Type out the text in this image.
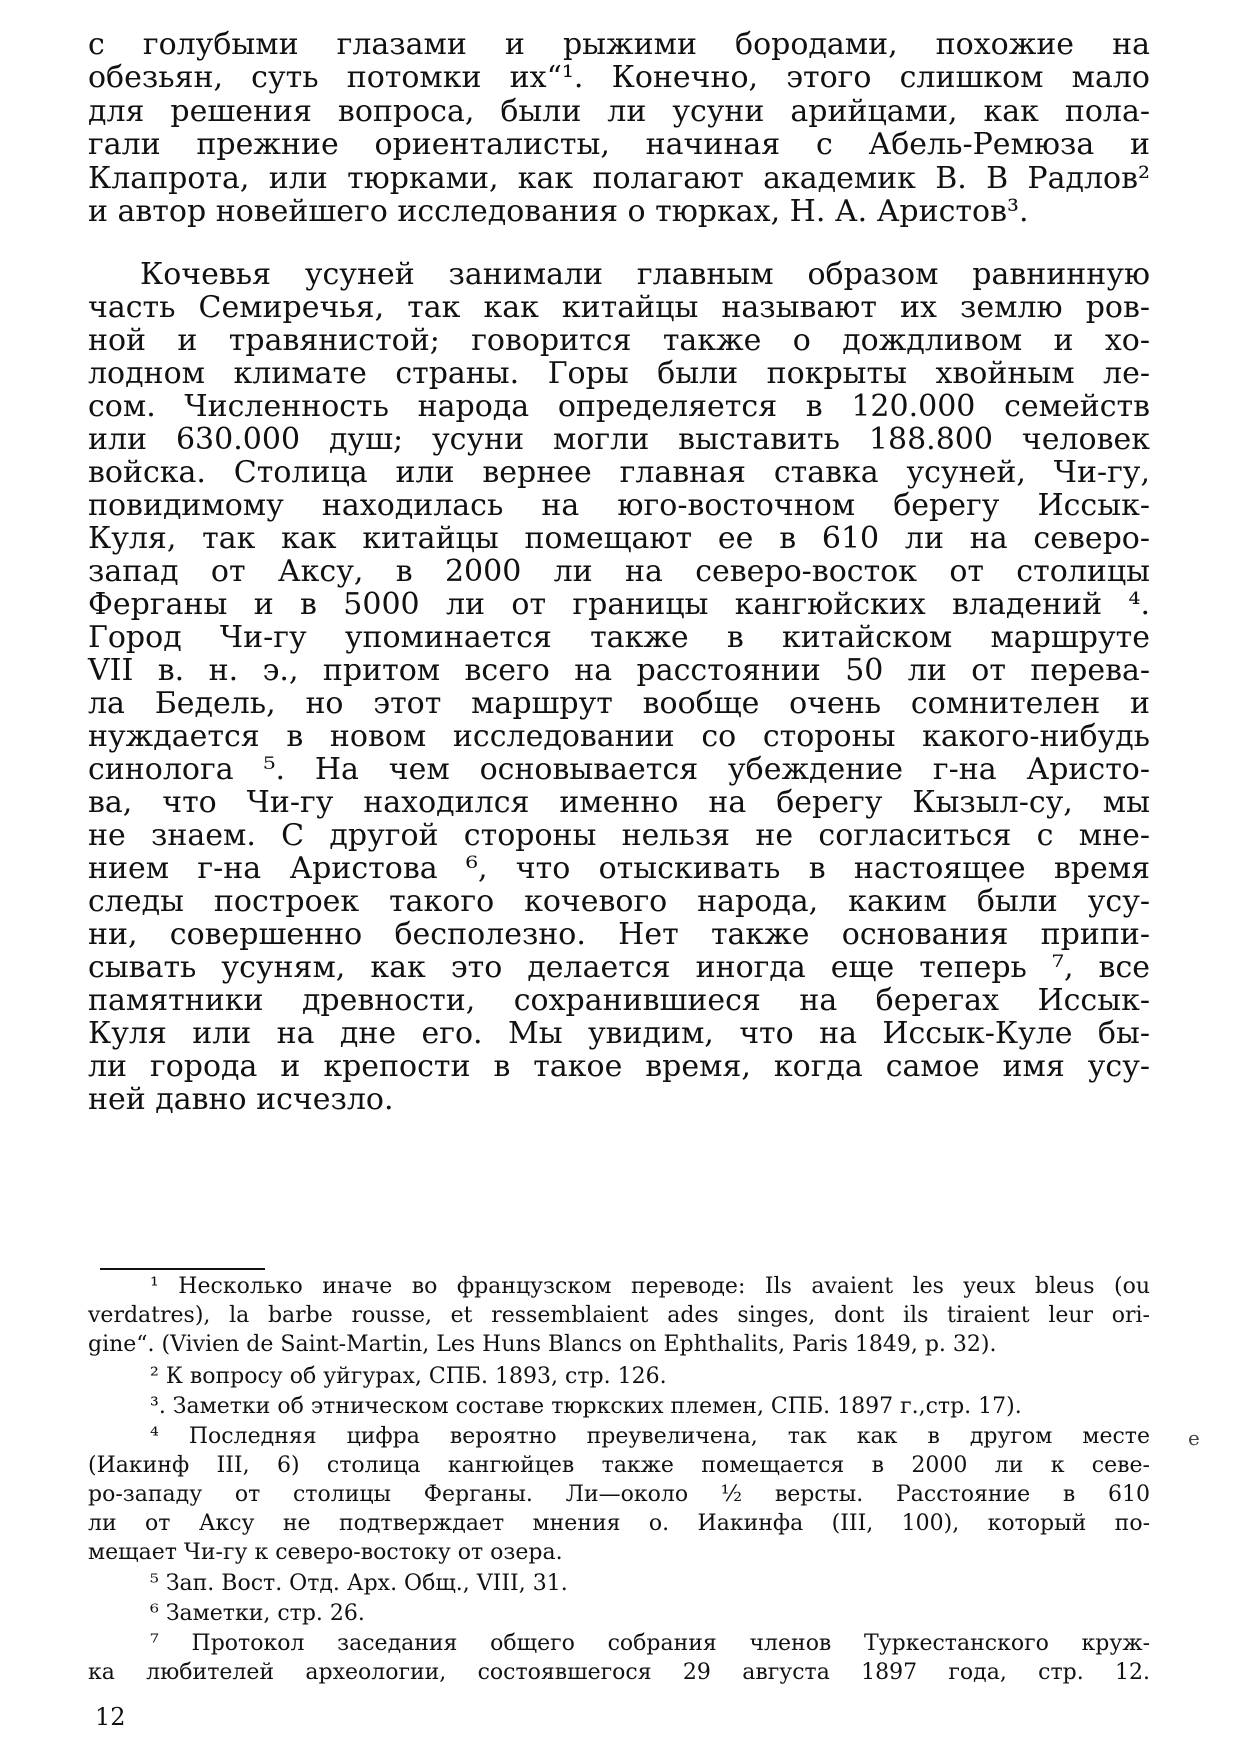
с голубыми глазами и рыжими бородами, похожие на

обезьян, суть потомки их“¹. Конечно, этого слишком мало

для решения вопроса, были ли усуни арийцами, как пола-

гали прежние ориенталисты, начиная с Абель-Ремюза и

Клапрота, или тюрками, как полагают академик В. В Радлов²

и автор новейшего исследования о тюрках, Н. А. Аристов³.

Кочевья усуней занимали главным образом равнинную

часть Семиречья, так как китайцы называют их землю ров-

ной и травянистой; говорится также о дождливом и хо-

лодном климате страны. Горы были покрыты хвойным ле-

сом. Численность народа определяется в 120.000 семейств

или 630.000 душ; усуни могли выставить 188.800 человек

войска. Столица или вернее главная ставка усуней, Чи-гу,

повидимому находилась на юго-восточном берегу Иссык-

Куля, так как китайцы помещают ее в 610 ли на северо-

запад от Аксу, в 2000 ли на северо-восток от столицы

Ферганы и в 5000 ли от границы кангюйских владений ⁴.

Город Чи-гу упоминается также в китайском маршруте

VII в. н. э., притом всего на расстоянии 50 ли от перева-

ла Бедель, но этот маршрут вообще очень сомнителен и

нуждается в новом исследовании со стороны какого-нибудь

синолога ⁵. На чем основывается убеждение г-на Аристо-

ва, что Чи-гу находился именно на берегу Кызыл-су, мы

не знаем. С другой стороны нельзя не согласиться с мне-

нием г-на Аристова ⁶, что отыскивать в настоящее время

следы построек такого кочевого народа, каким были усу-

ни, совершенно бесполезно. Нет также основания припи-

сывать усуням, как это делается иногда еще теперь ⁷, все

памятники древности, сохранившиеся на берегах Иссык-

Куля или на дне его. Мы увидим, что на Иссык-Куле бы-

ли города и крепости в такое время, когда самое имя усу-

ней давно исчезло.

¹ Несколько иначе во французском переводе: Ils avaient les yeux bleus (ou

verdatres), la barbe rousse, et ressemblaient ades singes, dont ils tiraient leur ori-

gine“. (Vivien de Saint-Martin, Les Huns Blancs on Ephthalits, Paris 1849, p. 32).

² К вопросу об уйгурах, СПБ. 1893, стр. 126.

³. Заметки об этническом составе тюркских племен, СПБ. 1897 г.,стр. 17).

⁴ Последняя цифра вероятно преувеличена, так как в другом месте

(Иакинф III, 6) столица кангюйцев также помещается в 2000 ли к севе-

ро-западу от столицы Ферганы. Ли—около ½ версты. Расстояние в 610

ли от Аксу не подтверждает мнения о. Иакинфа (III, 100), который по-

мещает Чи-гу к северо-востоку от озера.

⁵ Зап. Вост. Отд. Арх. Общ., VIII, 31.

⁶ Заметки, стр. 26.

⁷ Протокол заседания общего собрания членов Туркестанского круж-

ка любителей археологии, состоявшегося 29 августа 1897 года, стр. 12.

e
12
